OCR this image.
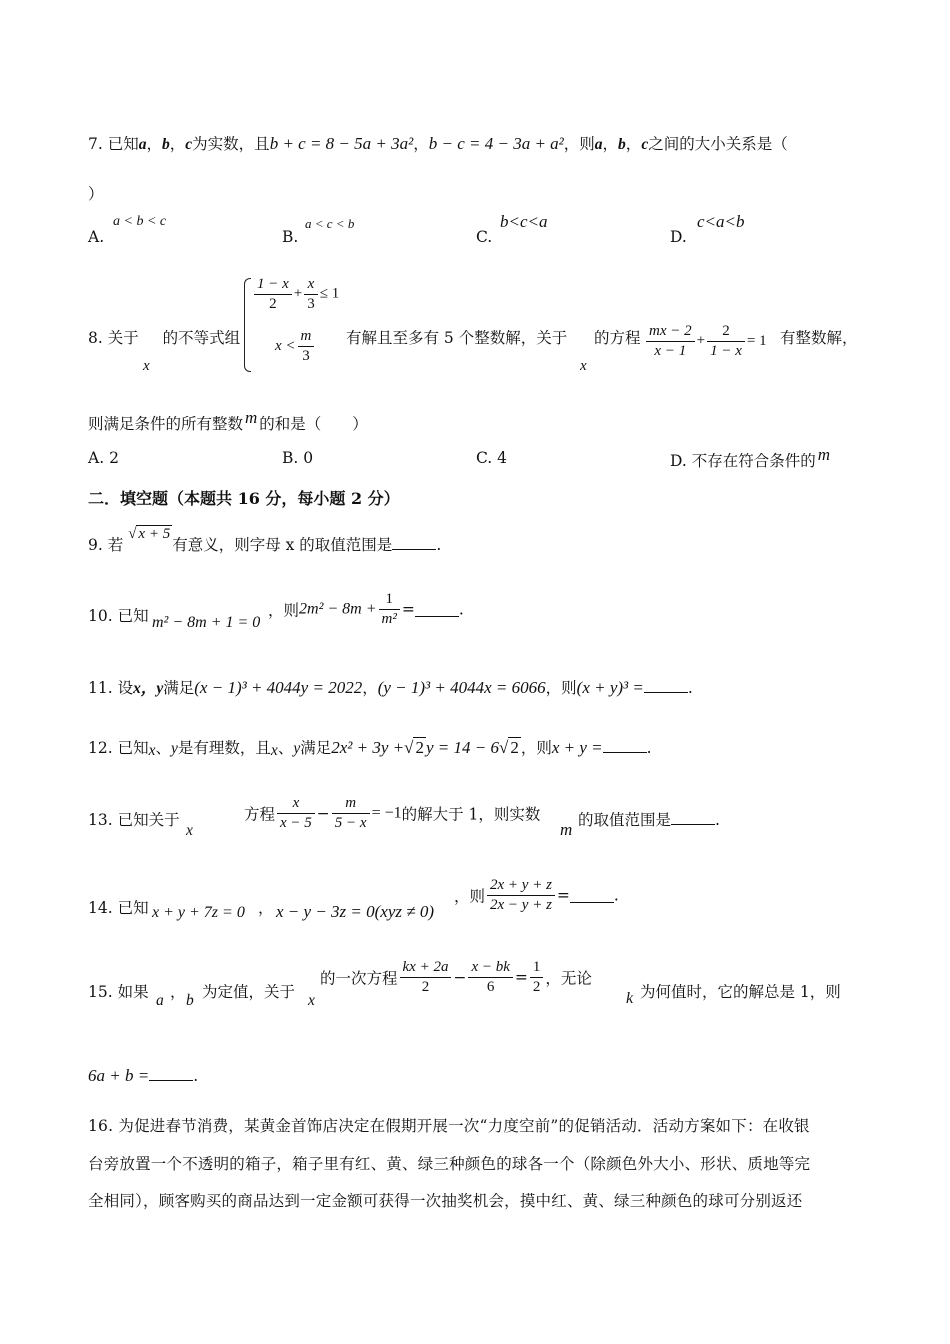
7. 已知a，b，c为实数，且b + c = 8 − 5a + 3a²，b − c = 4 − 3a + a²，则a，b，c之间的大小关系是（
）
A.
a < b < c
B.
a < c < b
C.
b<c<a
D.
c<a<b
8. 关于 的不等式组
x
$\frac{1 - x}{2} + \frac{x}{3} \le 1$
$x < \frac{m}{3}$ 有解且至多有 5 个整数解，关于 的方程
x
$\frac{mx - 2}{x - 1} + \frac{2}{1 - x} = 1$ 有整数解，
则满足条件的所有整数 m 的和是（　　）
A. 2	B. 0	C. 4	D. 不存在符合条件的 m
二．填空题（本题共 16 分，每小题 2 分）
9. 若 √ x + 5有意义，则字母 x 的取值范围是	.
10. 已知 m² − 8m + 1 = 0
，则$2m^2 - 8m + \frac{1}{\text{m²}}$ =	.
11. 设x，y满足(x − 1)³ + 4044y = 2022，(y − 1)³ + 4044x = 6066，则(x + y)³ =	.
12. 已知x、y是有理数，且x、y满足2x² + 3y +√ 2 y = 14 − 6√ 2 ，则x + y =	.
13. 已知关于
x
方程 $\frac{x}{x - 5} - \frac{m}{5 - x} = -1$的解大于 1，则实数
m 的取值范围是	.
14. 已知 x + y + 7z = 0 ， x − y − 3z = 0(xyz ≠ 0)
，则 $\frac{2x + y + z}{2x - y + z}$ =	.
15. 如果 a ， b 为定值，关于 x
的一次方程 $\frac{kx + 2a}{2} - \frac{x - bk}{6} = \frac{1}{2}$ ，无论
k 为何值时，它的解总是 1，则
6a + b =	.
16. 为促进春节消费，某黄金首饰店决定在假期开展一次“力度空前”的促销活动．活动方案如下：在收银
台旁放置一个不透明的箱子，箱子里有红、黄、绿三种颜色的球各一个（除颜色外大小、形状、质地等完
全相同），顾客购买的商品达到一定金额可获得一次抽奖机会，摸中红、黄、绿三种颜色的球可分别返还
